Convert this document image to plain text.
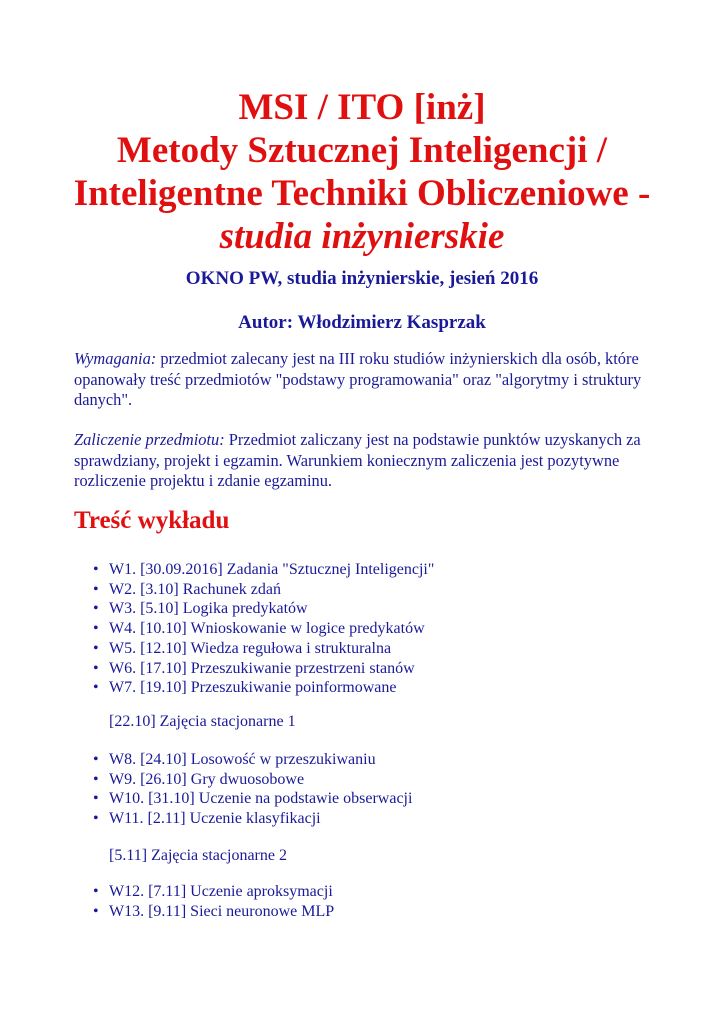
MSI / ITO [inż]
Metody Sztucznej Inteligencji /
Inteligentne Techniki Obliczeniowe -
studia inżynierskie

OKNO PW, studia inżynierskie, jesień 2016

Autor: Włodzimierz Kasprzak

Wymagania: przedmiot zalecany jest na III roku studiów inżynierskich dla osób, które opanowały treść przedmiotów "podstawy programowania" oraz "algorytmy i struktury danych".

Zaliczenie przedmiotu: Przedmiot zaliczany jest na podstawie punktów uzyskanych za sprawdziany, projekt i egzamin. Warunkiem koniecznym zaliczenia jest pozytywne rozliczenie projektu i zdanie egzaminu.

Treść wykładu
• W1. [30.09.2016] Zadania "Sztucznej Inteligencji"
• W2. [3.10] Rachunek zdań
• W3. [5.10] Logika predykatów
• W4. [10.10] Wnioskowanie w logice predykatów
• W5. [12.10] Wiedza regułowa i strukturalna
• W6. [17.10] Przeszukiwanie przestrzeni stanów
• W7. [19.10] Przeszukiwanie poinformowane

[22.10] Zajęcia stacjonarne 1

• W8. [24.10] Losowość w przeszukiwaniu
• W9. [26.10] Gry dwuosobowe
• W10. [31.10] Uczenie na podstawie obserwacji
• W11. [2.11] Uczenie klasyfikacji

[5.11] Zajęcia stacjonarne 2

• W12. [7.11] Uczenie aproksymacji
• W13. [9.11] Sieci neuronowe MLP
